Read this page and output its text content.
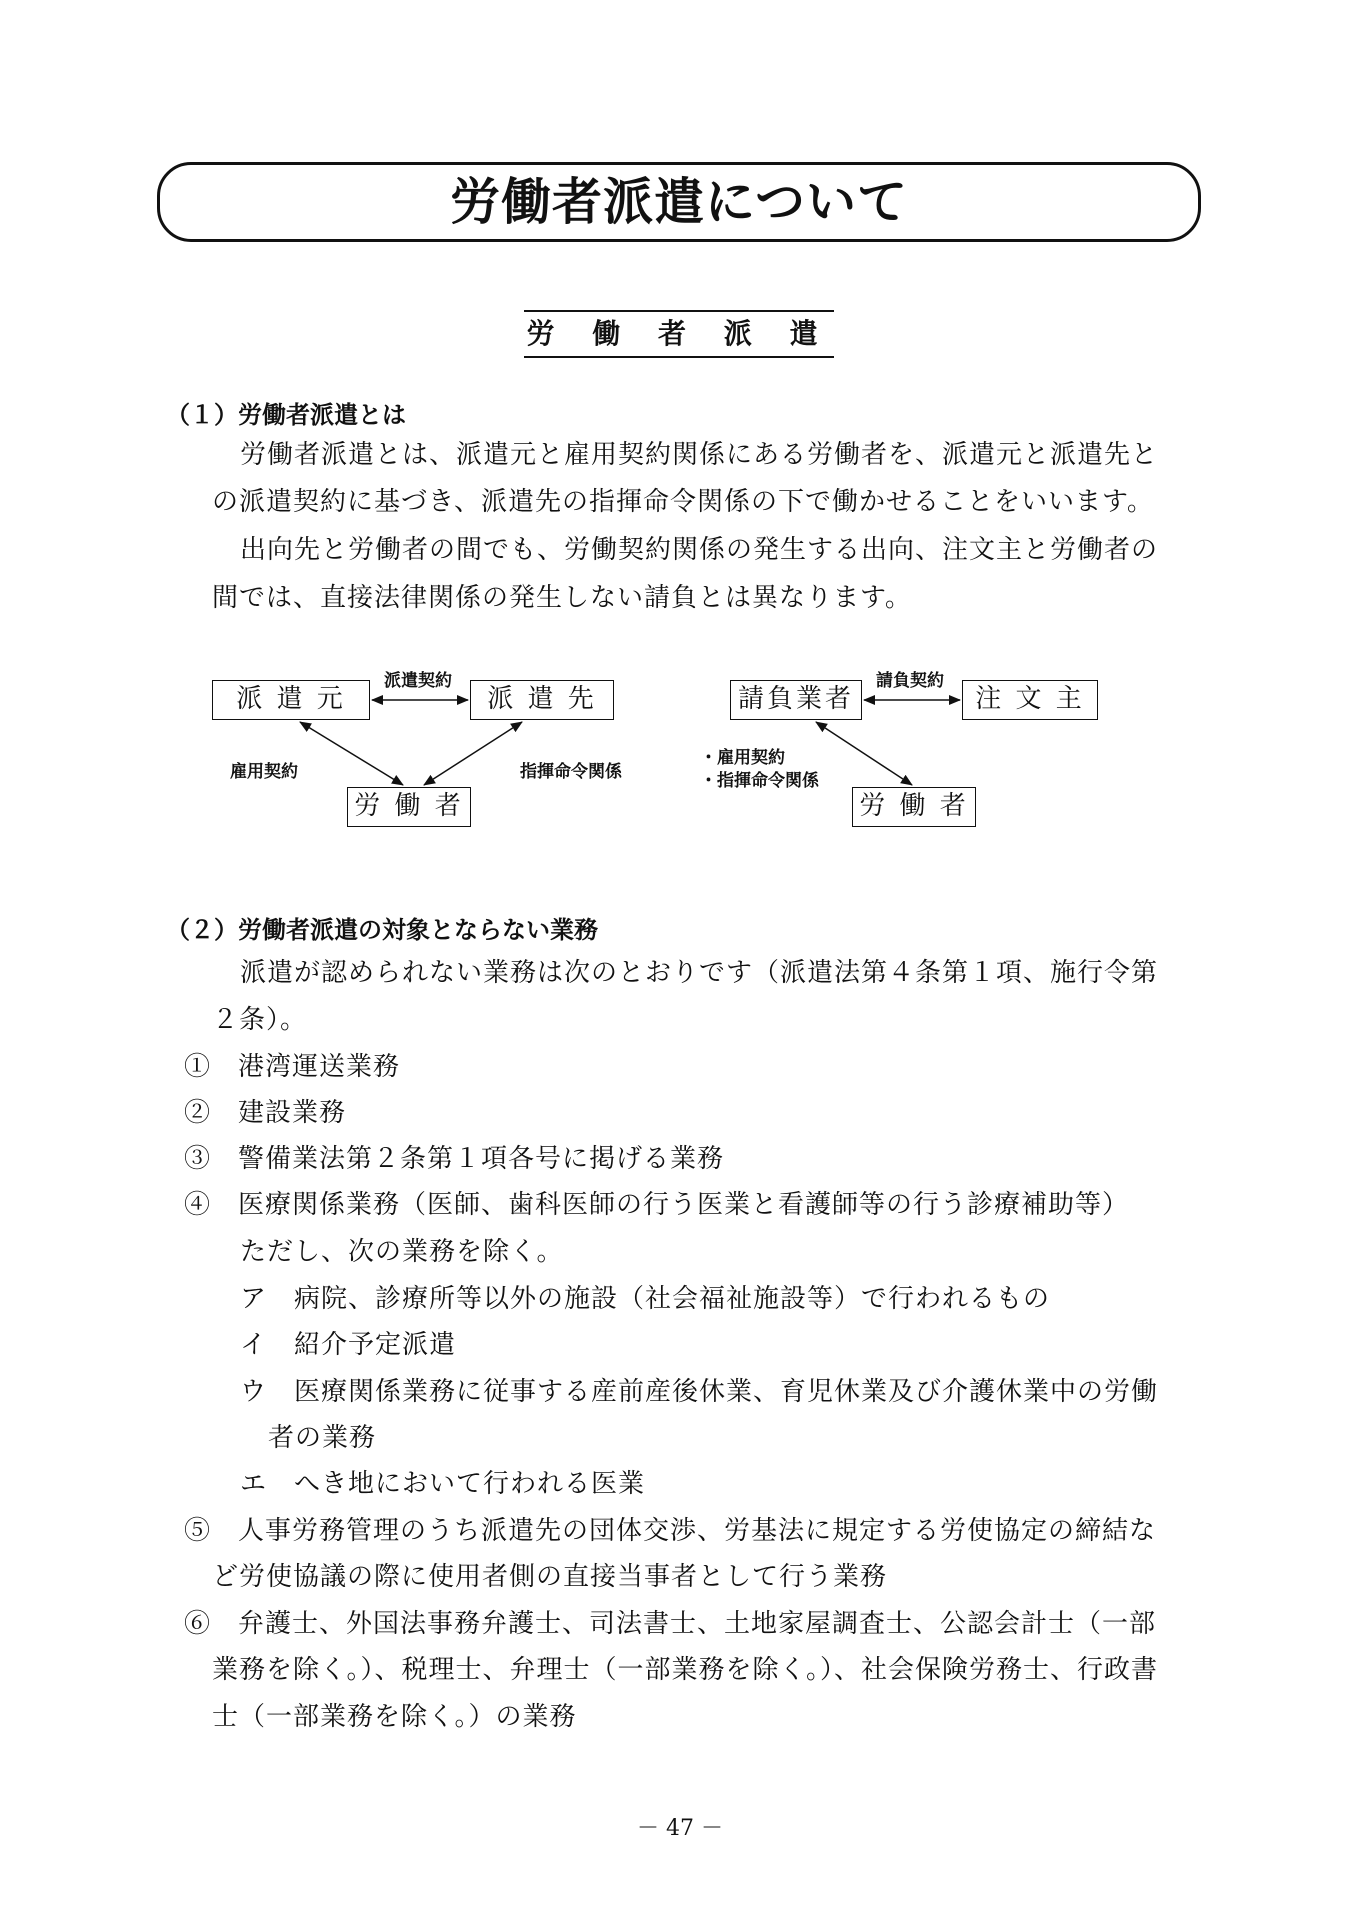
労働者派遣について
労 働 者 派 遣
（１）労働者派遣とは
労働者派遣とは、派遣元と雇用契約関係にある労働者を、派遣元と派遣先と
の派遣契約に基づき、派遣先の指揮命令関係の下で働かせることをいいます。
出向先と労働者の間でも、労働契約関係の発生する出向、注文主と労働者の
間では、直接法律関係の発生しない請負とは異なります。
派 遣 元	派 遣 先
労 働 者
派遣契約
雇用契約	指揮命令関係
請負業者	注 文 主
労 働 者
請負契約
・雇用契約
・指揮命令関係
（２）労働者派遣の対象とならない業務
派遣が認められない業務は次のとおりです（派遣法第４条第１項、施行令第
２条）。
①　港湾運送業務
②　建設業務
③　警備業法第２条第１項各号に掲げる業務
④　医療関係業務（医師、歯科医師の行う医業と看護師等の行う診療補助等）
ただし、次の業務を除く。
ア　病院、診療所等以外の施設（社会福祉施設等）で行われるもの
イ　紹介予定派遣
ウ　医療関係業務に従事する産前産後休業、育児休業及び介護休業中の労働
者の業務
エ　へき地において行われる医業
⑤　人事労務管理のうち派遣先の団体交渉、労基法に規定する労使協定の締結な
ど労使協議の際に使用者側の直接当事者として行う業務
⑥　弁護士、外国法事務弁護士、司法書士、土地家屋調査士、公認会計士（一部
業務を除く。）、税理士、弁理士（一部業務を除く。）、社会保険労務士、行政書
士（一部業務を除く。）の業務
－ 47 －
